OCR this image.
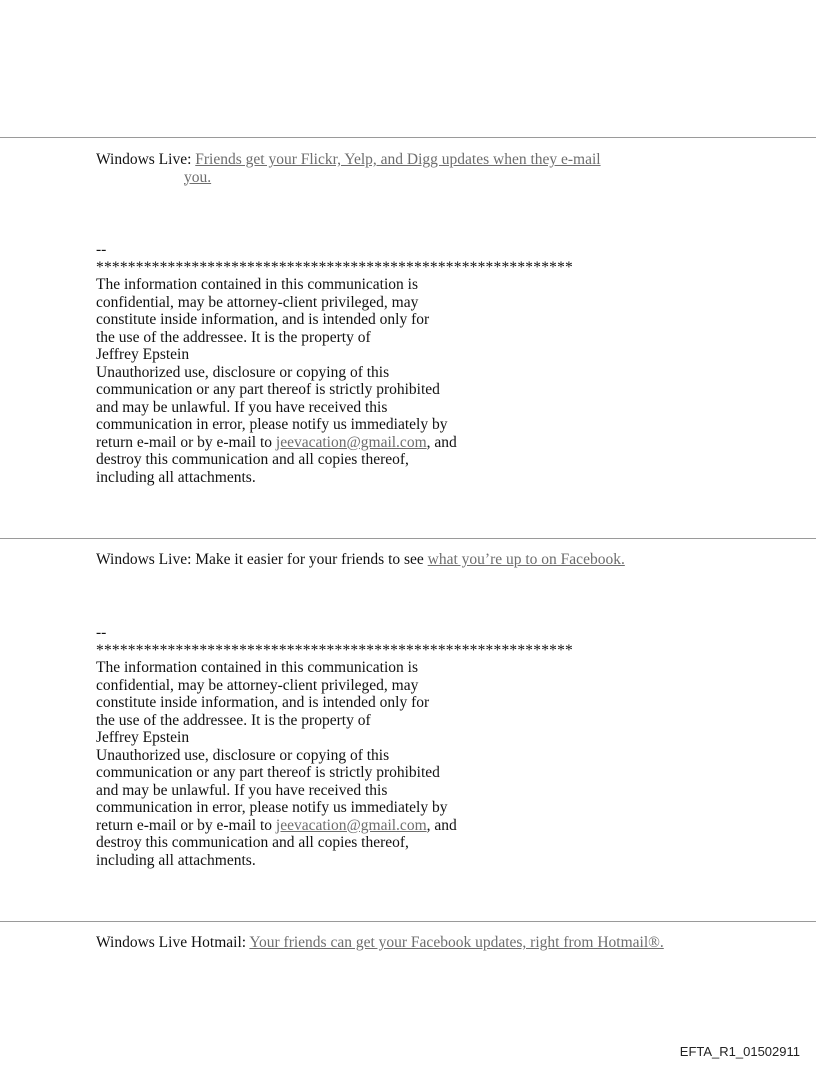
Windows Live: Friends get your Flickr, Yelp, and Digg updates when they e-mail
you.
--
************************************************************
The information contained in this communication is
confidential, may be attorney-client privileged, may
constitute inside information, and is intended only for
the use of the addressee. It is the property of
Jeffrey Epstein
Unauthorized use, disclosure or copying of this
communication or any part thereof is strictly prohibited
and may be unlawful. If you have received this
communication in error, please notify us immediately by
return e-mail or by e-mail to jeevacation@gmail.com, and
destroy this communication and all copies thereof,
including all attachments.
Windows Live: Make it easier for your friends to see what you’re up to on Facebook.
--
************************************************************
The information contained in this communication is
confidential, may be attorney-client privileged, may
constitute inside information, and is intended only for
the use of the addressee. It is the property of
Jeffrey Epstein
Unauthorized use, disclosure or copying of this
communication or any part thereof is strictly prohibited
and may be unlawful. If you have received this
communication in error, please notify us immediately by
return e-mail or by e-mail to jeevacation@gmail.com, and
destroy this communication and all copies thereof,
including all attachments.
Windows Live Hotmail: Your friends can get your Facebook updates, right from Hotmail®.
EFTA_R1_01502911
